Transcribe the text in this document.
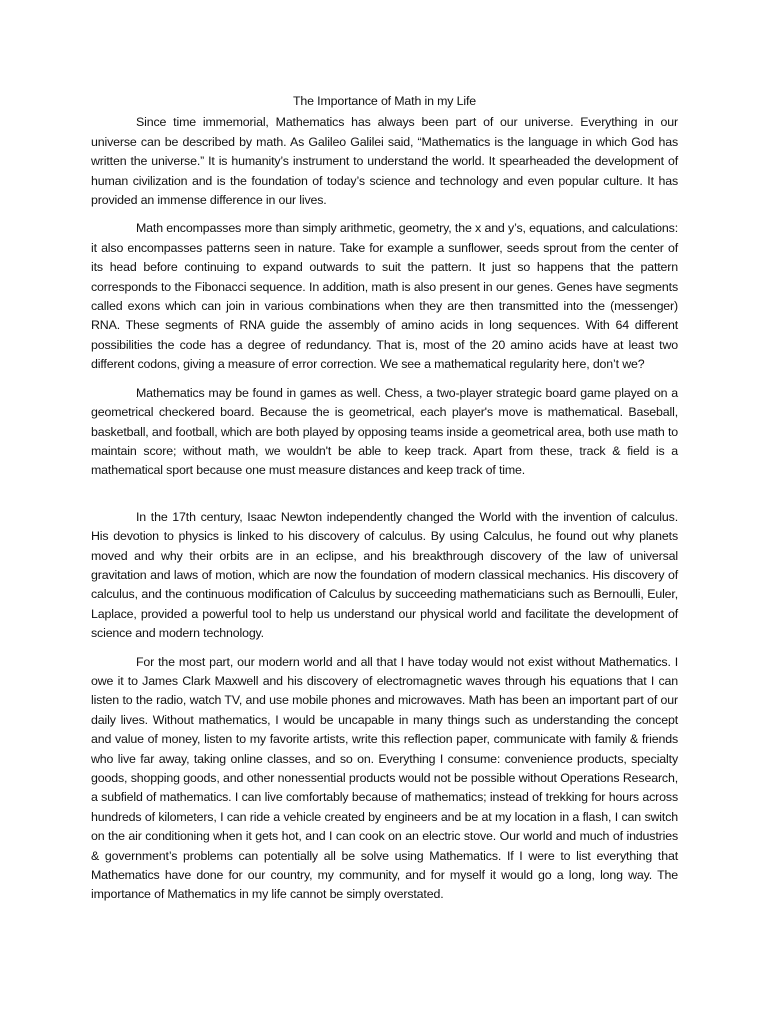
The Importance of Math in my Life

Since time immemorial, Mathematics has always been part of our universe. Everything in our universe can be described by math. As Galileo Galilei said, “Mathematics is the language in which God has written the universe.” It is humanity’s instrument to understand the world. It spearheaded the development of human civilization and is the foundation of today’s science and technology and even popular culture. It has provided an immense difference in our lives.

Math encompasses more than simply arithmetic, geometry, the x and y’s, equations, and calculations: it also encompasses patterns seen in nature. Take for example a sunflower, seeds sprout from the center of its head before continuing to expand outwards to suit the pattern. It just so happens that the pattern corresponds to the Fibonacci sequence. In addition, math is also present in our genes. Genes have segments called exons which can join in various combinations when they are then transmitted into the (messenger) RNA. These segments of RNA guide the assembly of amino acids in long sequences. With 64 different possibilities the code has a degree of redundancy. That is, most of the 20 amino acids have at least two different codons, giving a measure of error correction. We see a mathematical regularity here, don’t we?

Mathematics may be found in games as well. Chess, a two-player strategic board game played on a geometrical checkered board. Because the is geometrical, each player's move is mathematical. Baseball, basketball, and football, which are both played by opposing teams inside a geometrical area, both use math to maintain score; without math, we wouldn't be able to keep track. Apart from these, track & field is a mathematical sport because one must measure distances and keep track of time.

In the 17th century, Isaac Newton independently changed the World with the invention of calculus. His devotion to physics is linked to his discovery of calculus. By using Calculus, he found out why planets moved and why their orbits are in an eclipse, and his breakthrough discovery of the law of universal gravitation and laws of motion, which are now the foundation of modern classical mechanics. His discovery of calculus, and the continuous modification of Calculus by succeeding mathematicians such as Bernoulli, Euler, Laplace, provided a powerful tool to help us understand our physical world and facilitate the development of science and modern technology.

For the most part, our modern world and all that I have today would not exist without Mathematics. I owe it to James Clark Maxwell and his discovery of electromagnetic waves through his equations that I can listen to the radio, watch TV, and use mobile phones and microwaves. Math has been an important part of our daily lives. Without mathematics, I would be uncapable in many things such as understanding the concept and value of money, listen to my favorite artists, write this reflection paper, communicate with family & friends who live far away, taking online classes, and so on. Everything I consume: convenience products, specialty goods, shopping goods, and other nonessential products would not be possible without Operations Research, a subfield of mathematics. I can live comfortably because of mathematics; instead of trekking for hours across hundreds of kilometers, I can ride a vehicle created by engineers and be at my location in a flash, I can switch on the air conditioning when it gets hot, and I can cook on an electric stove. Our world and much of industries & government’s problems can potentially all be solve using Mathematics. If I were to list everything that Mathematics have done for our country, my community, and for myself it would go a long, long way. The importance of Mathematics in my life cannot be simply overstated.
